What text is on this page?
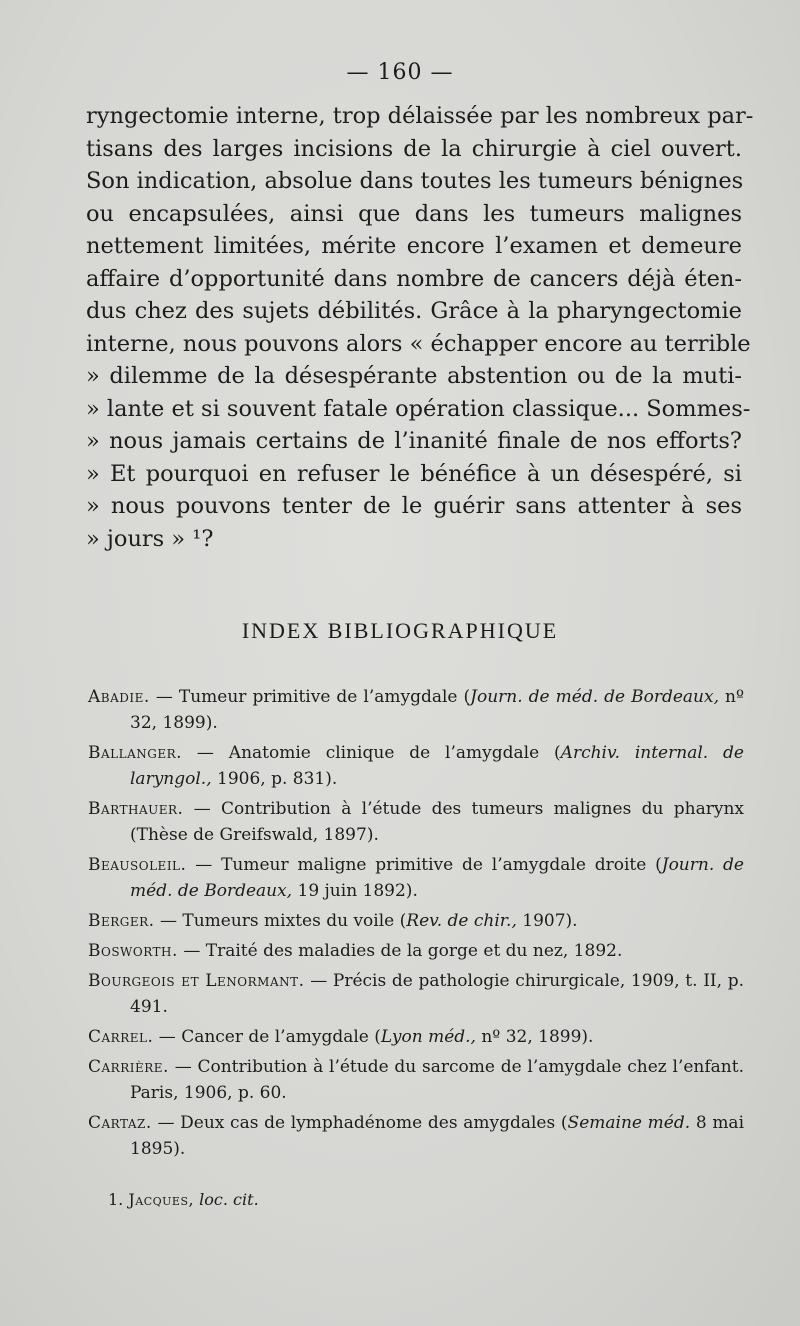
— 160 —

ryngectomie interne, trop délaissée par les nombreux par-
tisans des larges incisions de la chirurgie à ciel ouvert.
Son indication, absolue dans toutes les tumeurs bénignes
ou encapsulées, ainsi que dans les tumeurs malignes
nettement limitées, mérite encore l’examen et demeure
affaire d’opportunité dans nombre de cancers déjà éten-
dus chez des sujets débilités. Grâce à la pharyngectomie
interne, nous pouvons alors « échapper encore au terrible
» dilemme de la désespérante abstention ou de la muti-
» lante et si souvent fatale opération classique... Sommes-
» nous jamais certains de l’inanité finale de nos efforts?
» Et pourquoi en refuser le bénéfice à un désespéré, si
» nous pouvons tenter de le guérir sans attenter à ses
» jours » ¹?

INDEX BIBLIOGRAPHIQUE
Abadie. — Tumeur primitive de l’amygdale (Journ. de méd. de Bordeaux, nº 32, 1899).
Ballanger. — Anatomie clinique de l’amygdale (Archiv. internal. de laryngol., 1906, p. 831).
Barthauer. — Contribution à l’étude des tumeurs malignes du pharynx (Thèse de Greifswald, 1897).
Beausoleil. — Tumeur maligne primitive de l’amygdale droite (Journ. de méd. de Bordeaux, 19 juin 1892).
Berger. — Tumeurs mixtes du voile (Rev. de chir., 1907).
Bosworth. — Traité des maladies de la gorge et du nez, 1892.
Bourgeois et Lenormant. — Précis de pathologie chirurgicale, 1909, t. II, p. 491.
Carrel. — Cancer de l’amygdale (Lyon méd., nº 32, 1899).
Carrière. — Contribution à l’étude du sarcome de l’amygdale chez l’enfant. Paris, 1906, p. 60.
Cartaz. — Deux cas de lymphadénome des amygdales (Semaine méd. 8 mai 1895).
1. Jacques, loc. cit.
